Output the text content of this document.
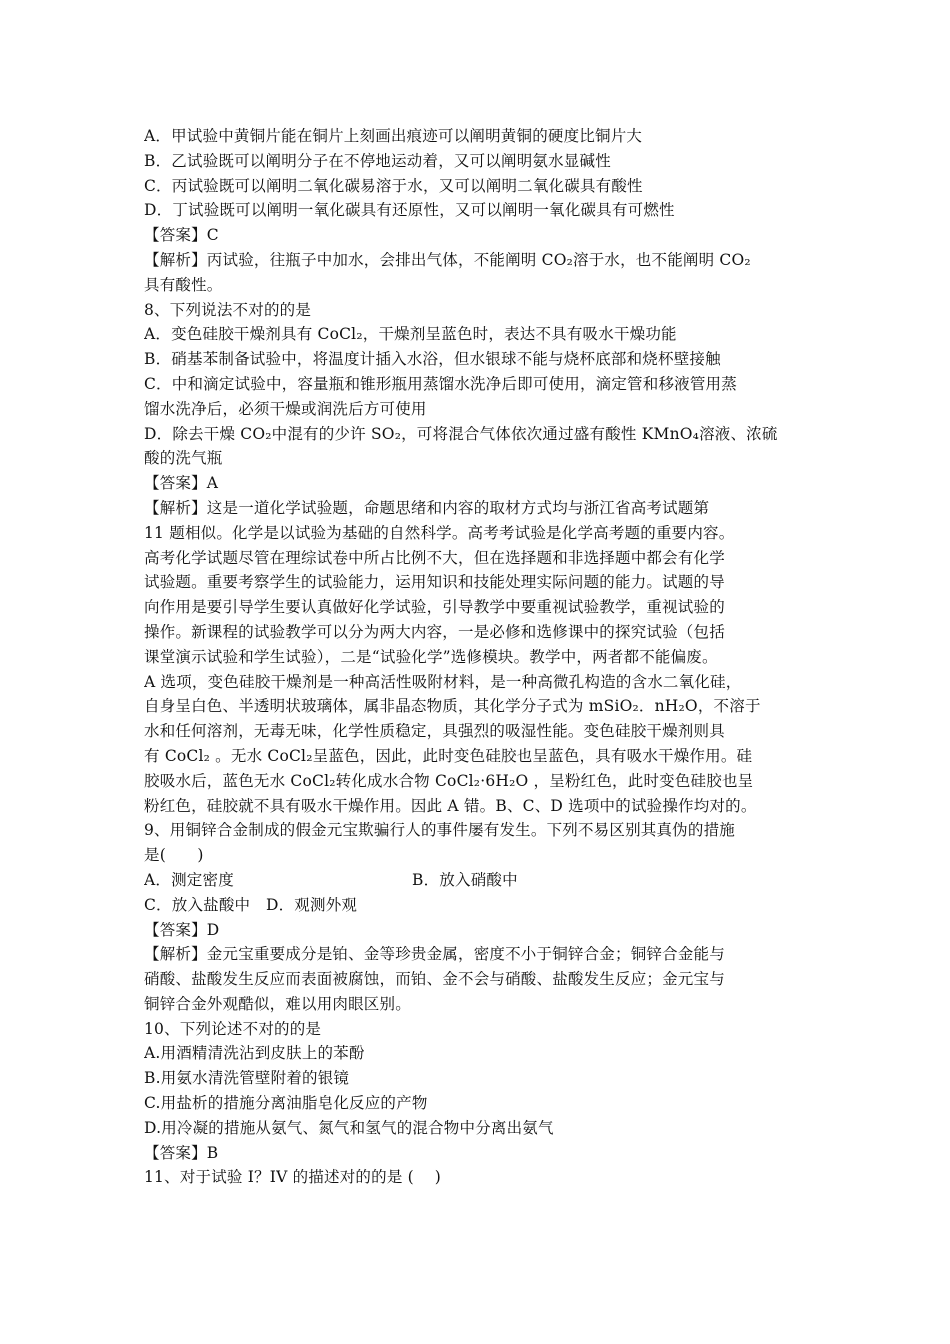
A．甲试验中黄铜片能在铜片上刻画出痕迹可以阐明黄铜的硬度比铜片大
B．乙试验既可以阐明分子在不停地运动着，又可以阐明氨水显碱性
C．丙试验既可以阐明二氧化碳易溶于水，又可以阐明二氧化碳具有酸性
D．丁试验既可以阐明一氧化碳具有还原性，又可以阐明一氧化碳具有可燃性
【答案】C
【解析】丙试验，往瓶子中加水，会排出气体，不能阐明 CO₂溶于水，也不能阐明 CO₂
具有酸性。
8、下列说法不对的的是
A．变色硅胶干燥剂具有 CoCl₂，干燥剂呈蓝色时，表达不具有吸水干燥功能
B．硝基苯制备试验中，将温度计插入水浴，但水银球不能与烧杯底部和烧杯壁接触
C．中和滴定试验中，容量瓶和锥形瓶用蒸馏水洗净后即可使用，滴定管和移液管用蒸
馏水洗净后，必须干燥或润洗后方可使用
D．除去干燥 CO₂中混有的少许 SO₂，可将混合气体依次通过盛有酸性 KMnO₄溶液、浓硫
酸的洗气瓶
【答案】A
【解析】这是一道化学试验题，命题思绪和内容的取材方式均与浙江省高考试题第
11 题相似。化学是以试验为基础的自然科学。高考考试验是化学高考题的重要内容。
高考化学试题尽管在理综试卷中所占比例不大，但在选择题和非选择题中都会有化学
试验题。重要考察学生的试验能力，运用知识和技能处理实际问题的能力。试题的导
向作用是要引导学生要认真做好化学试验，引导教学中要重视试验教学，重视试验的
操作。新课程的试验教学可以分为两大内容，一是必修和选修课中的探究试验（包括
课堂演示试验和学生试验），二是“试验化学”选修模块。教学中，两者都不能偏废。
A 选项，变色硅胶干燥剂是一种高活性吸附材料，是一种高微孔构造的含水二氧化硅，
自身呈白色、半透明状玻璃体，属非晶态物质，其化学分子式为 mSiO₂．nH₂O，不溶于
水和任何溶剂，无毒无味，化学性质稳定，具强烈的吸湿性能。变色硅胶干燥剂则具
有 CoCl₂ 。无水 CoCl₂呈蓝色，因此，此时变色硅胶也呈蓝色，具有吸水干燥作用。硅
胶吸水后，蓝色无水 CoCl₂转化成水合物 CoCl₂·6H₂O ，呈粉红色，此时变色硅胶也呈
粉红色，硅胶就不具有吸水干燥作用。因此 A 错。B、C、D 选项中的试验操作均对的。
9、用铜锌合金制成的假金元宝欺骗行人的事件屡有发生。下列不易区别其真伪的措施
是(　　)
A．测定密度	B．放入硝酸中
C．放入盐酸中　D．观测外观
【答案】D
【解析】金元宝重要成分是铂、金等珍贵金属，密度不小于铜锌合金；铜锌合金能与
硝酸、盐酸发生反应而表面被腐蚀，而铂、金不会与硝酸、盐酸发生反应；金元宝与
铜锌合金外观酷似，难以用肉眼区别。
10、下列论述不对的的是
A.用酒精清洗沾到皮肤上的苯酚
B.用氨水清洗管壁附着的银镜
C.用盐析的措施分离油脂皂化反应的产物
D.用冷凝的措施从氨气、氮气和氢气的混合物中分离出氨气
【答案】B
11、对于试验 I？IV 的描述对的的是 (　 )
